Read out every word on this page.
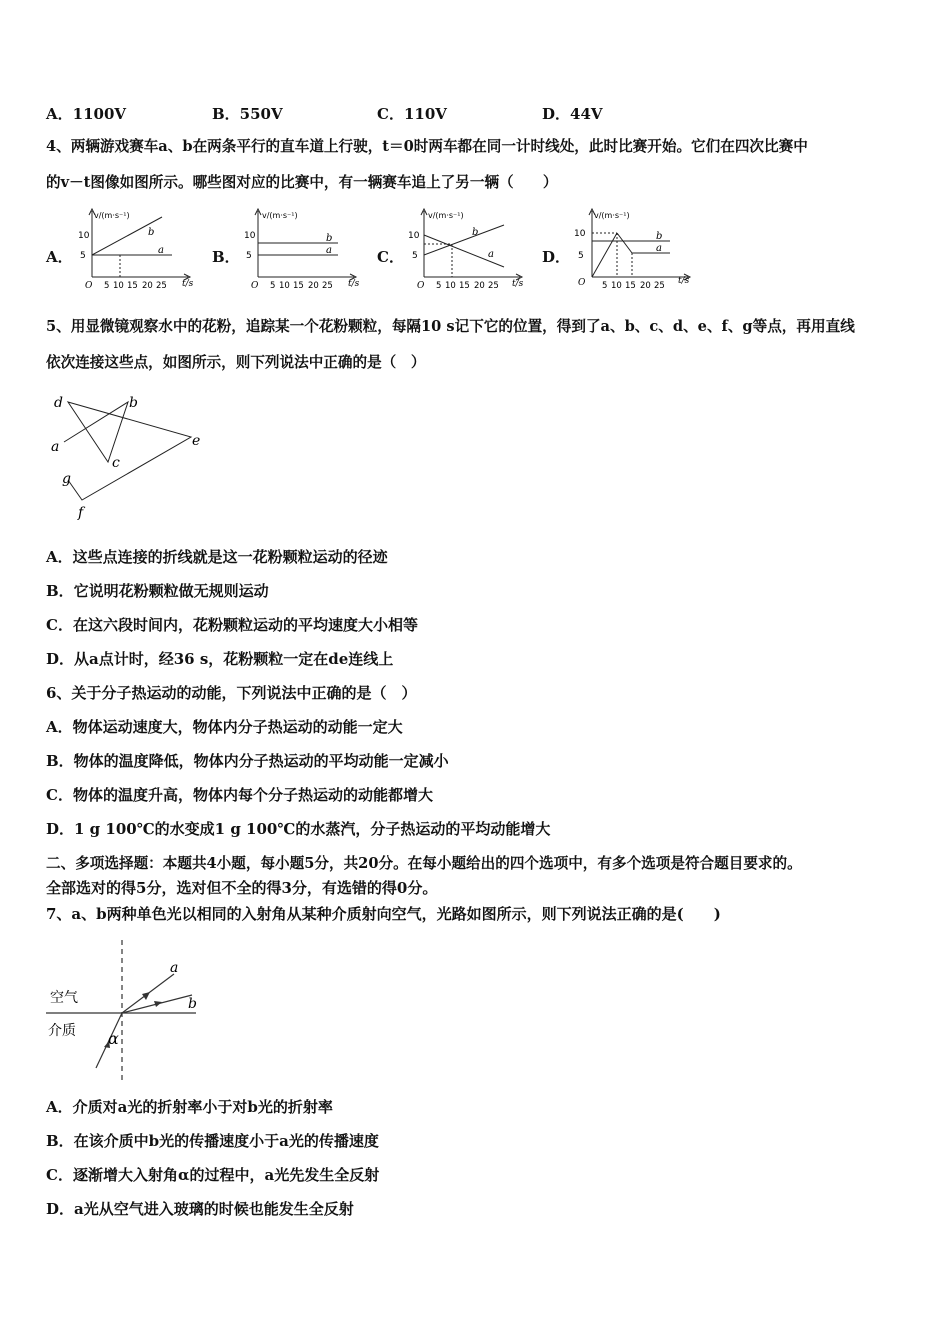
A．1100V	B．550V	C．110V	D．44V
4、两辆游戏赛车a、b在两条平行的直车道上行驶，t＝0时两车都在同一计时线处，此时比赛开始。它们在四次比赛中
的v－t图像如图所示。哪些图对应的比赛中，有一辆赛车追上了另一辆（　　）
A．	B．	C．	D．
v/(m·s⁻¹)
10
5
O 5 10 15 20 25 t/s
b
a
v/(m·s⁻¹)
10
5
O 5 10 15 20 25 t/s
b
a
v/(m·s⁻¹)
10
5
O 5 10 15 20 25 t/s
b
a
v/(m·s⁻¹)
10
5
O 5 10 15 20 25 t/s
b
a
5、用显微镜观察水中的花粉，追踪某一个花粉颗粒，每隔10 s记下它的位置，得到了a、b、c、d、e、f、g等点，再用直线
依次连接这些点，如图所示，则下列说法中正确的是（　）
d	b
a
c
e
g
f
A．这些点连接的折线就是这一花粉颗粒运动的径迹
B．它说明花粉颗粒做无规则运动
C．在这六段时间内，花粉颗粒运动的平均速度大小相等
D．从a点计时，经36 s，花粉颗粒一定在de连线上
6、关于分子热运动的动能，下列说法中正确的是（　）
A．物体运动速度大，物体内分子热运动的动能一定大
B．物体的温度降低，物体内分子热运动的平均动能一定减小
C．物体的温度升高，物体内每个分子热运动的动能都增大
D．1 g 100℃的水变成1 g 100℃的水蒸汽，分子热运动的平均动能增大
二、多项选择题：本题共4小题，每小题5分，共20分。在每小题给出的四个选项中，有多个选项是符合题目要求的。
全部选对的得5分，选对但不全的得3分，有选错的得0分。
7、a、b两种单色光以相同的入射角从某种介质射向空气，光路如图所示，则下列说法正确的是(　　)
a
b
空气
介质 α
A．介质对a光的折射率小于对b光的折射率
B．在该介质中b光的传播速度小于a光的传播速度
C．逐渐增大入射角α的过程中，a光先发生全反射
D．a光从空气进入玻璃的时候也能发生全反射
